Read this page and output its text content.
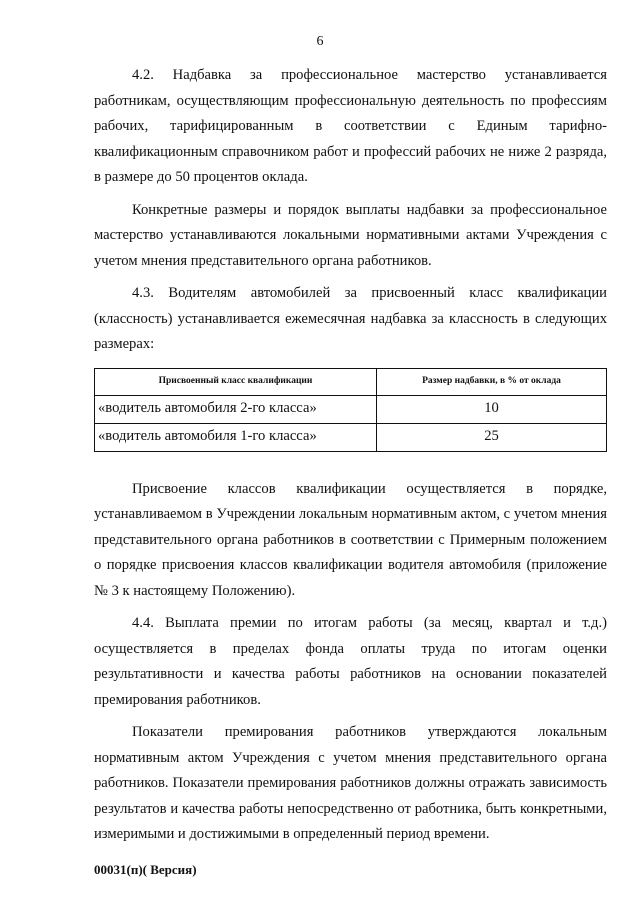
6

4.2. Надбавка за профессиональное мастерство устанавливается работникам, осуществляющим профессиональную деятельность по профессиям рабочих, тарифицированным в соответствии с Единым тарифно-квалификационным справочником работ и профессий рабочих не ниже 2 разряда, в размере до 50 процентов оклада.

Конкретные размеры и порядок выплаты надбавки за профессиональное мастерство устанавливаются локальными нормативными актами Учреждения с учетом мнения представительного органа работников.

4.3. Водителям автомобилей за присвоенный класс квалификации (классность) устанавливается ежемесячная надбавка за классность в следующих размерах:

Присвоенный класс квалификации	Размер надбавки, в % от оклада
«водитель автомобиля 2-го класса»	10
«водитель автомобиля 1-го класса»	25

Присвоение классов квалификации осуществляется в порядке, устанавливаемом в Учреждении локальным нормативным актом, с учетом мнения представительного органа работников в соответствии с Примерным положением о порядке присвоения классов квалификации водителя автомобиля (приложение № 3 к настоящему Положению).

4.4. Выплата премии по итогам работы (за месяц, квартал и т.д.) осуществляется в пределах фонда оплаты труда по итогам оценки результативности и качества работы работников на основании показателей премирования работников.

Показатели премирования работников утверждаются локальным нормативным актом Учреждения с учетом мнения представительного органа работников. Показатели премирования работников должны отражать зависимость результатов и качества работы непосредственно от работника, быть конкретными, измеримыми и достижимыми в определенный период времени.

00031(п)( Версия)
